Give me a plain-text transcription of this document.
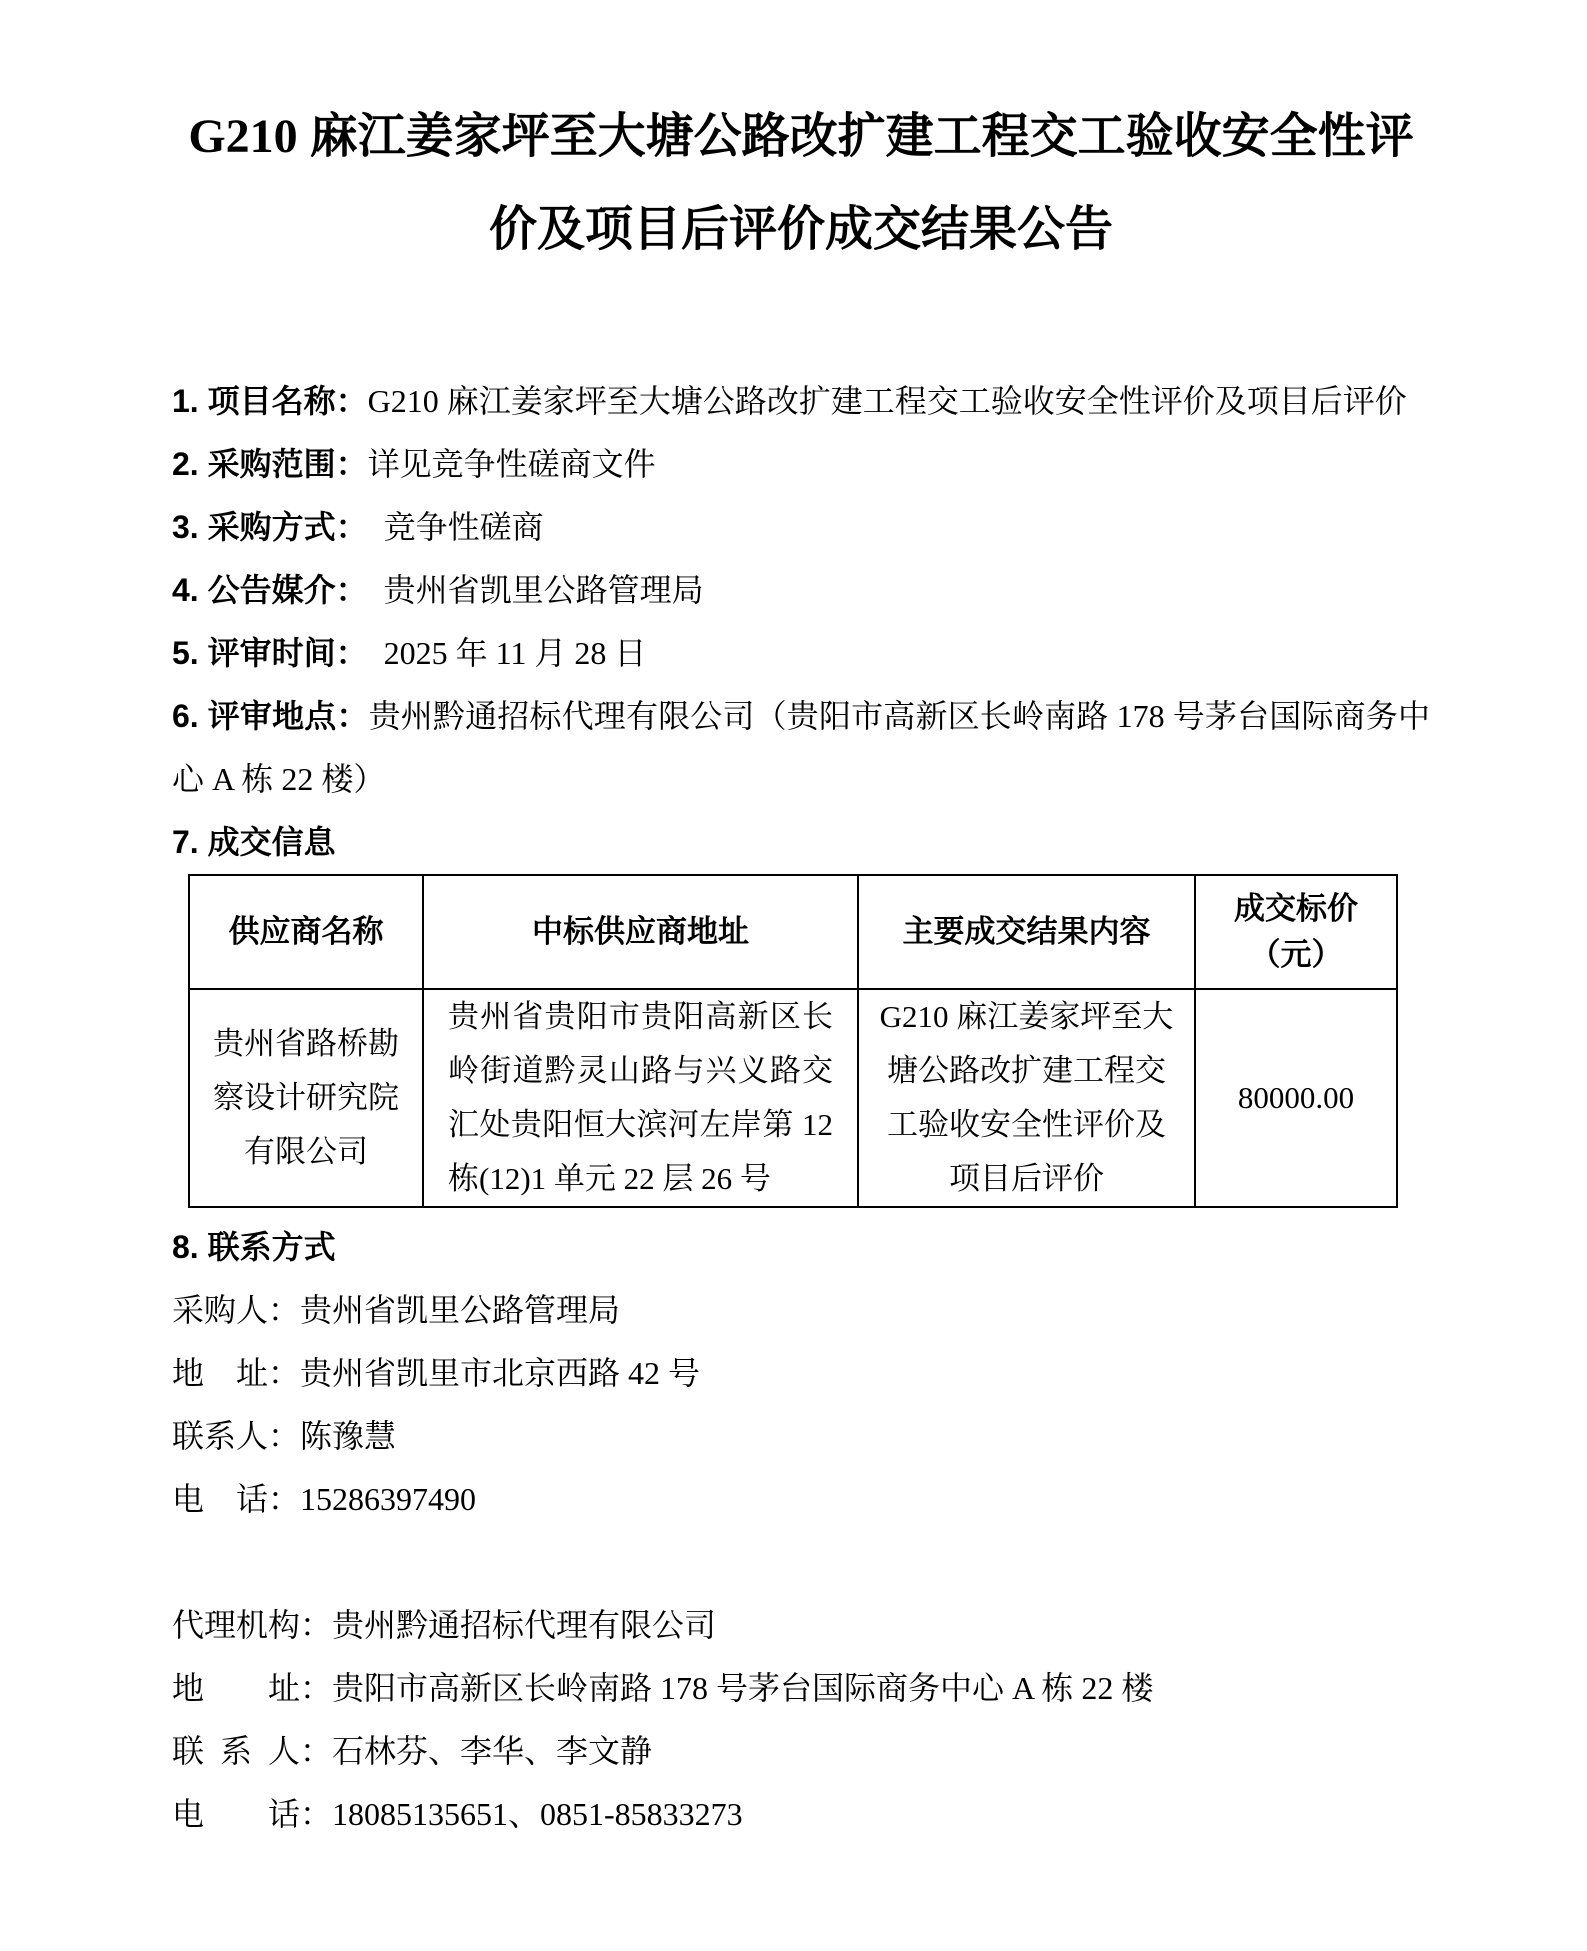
G210 麻江姜家坪至大塘公路改扩建工程交工验收安全性评
价及项目后评价成交结果公告
1. 项目名称：G210 麻江姜家坪至大塘公路改扩建工程交工验收安全性评价及项目后评价
2. 采购范围：详见竞争性磋商文件
3. 采购方式：　竞争性磋商
4. 公告媒介：　贵州省凯里公路管理局
5. 评审时间：　2025 年 11 月 28 日
6. 评审地点：贵州黔通招标代理有限公司（贵阳市高新区长岭南路 178 号茅台国际商务中心 A 栋 22 楼）
7. 成交信息
供应商名称	中标供应商地址	主要成交结果内容	成交标价（元）
贵州省路桥勘察设计研究院有限公司	贵州省贵阳市贵阳高新区长岭街道黔灵山路与兴义路交汇处贵阳恒大滨河左岸第 12 栋(12)1 单元 22 层 26 号	G210 麻江姜家坪至大塘公路改扩建工程交工验收安全性评价及项目后评价	80000.00
8. 联系方式
采购人：贵州省凯里公路管理局
地　址：贵州省凯里市北京西路 42 号
联系人：陈豫慧
电　话：15286397490
代理机构：贵州黔通招标代理有限公司
地　　址：贵阳市高新区长岭南路 178 号茅台国际商务中心 A 栋 22 楼
联 系 人：石林芬、李华、李文静
电　　话：18085135651、0851-85833273
